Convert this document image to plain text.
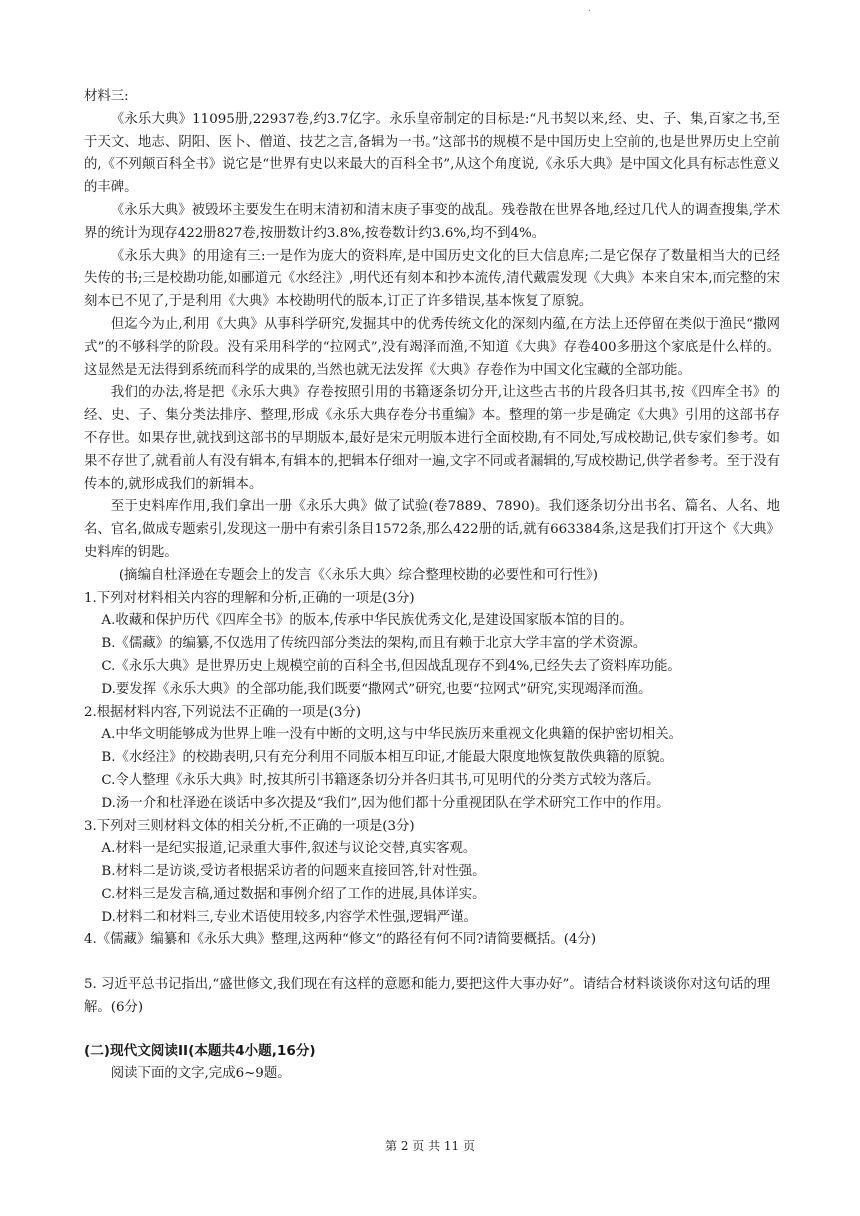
·

材料三:

《永乐大典》11095册,22937卷,约3.7亿字。永乐皇帝制定的目标是:“凡书契以来,经、史、子、集,百家之书,至于天文、地志、阴阳、医卜、僧道、技艺之言,备辑为一书。”这部书的规模不是中国历史上空前的,也是世界历史上空前的,《不列颠百科全书》说它是“世界有史以来最大的百科全书”,从这个角度说,《永乐大典》是中国文化具有标志性意义的丰碑。

《永乐大典》被毁坏主要发生在明末清初和清末庚子事变的战乱。残卷散在世界各地,经过几代人的调查搜集,学术界的统计为现存422册827卷,按册数计约3.8%,按卷数计约3.6%,均不到4%。

《永乐大典》的用途有三:一是作为庞大的资料库,是中国历史文化的巨大信息库;二是它保存了数量相当大的已经失传的书;三是校勘功能,如郦道元《水经注》,明代还有刻本和抄本流传,清代戴震发现《大典》本来自宋本,而完整的宋刻本已不见了,于是利用《大典》本校勘明代的版本,订正了许多错误,基本恢复了原貌。

但迄今为止,利用《大典》从事科学研究,发掘其中的优秀传统文化的深刻内蕴,在方法上还停留在类似于渔民“撒网式”的不够科学的阶段。没有采用科学的“拉网式”,没有竭泽而渔,不知道《大典》存卷400多册这个家底是什么样的。这显然是无法得到系统而科学的成果的,当然也就无法发挥《大典》存卷作为中国文化宝藏的全部功能。

我们的办法,将是把《永乐大典》存卷按照引用的书籍逐条切分开,让这些古书的片段各归其书,按《四库全书》的经、史、子、集分类法排序、整理,形成《永乐大典存卷分书重编》本。整理的第一步是确定《大典》引用的这部书存不存世。如果存世,就找到这部书的早期版本,最好是宋元明版本进行全面校勘,有不同处,写成校勘记,供专家们参考。如果不存世了,就看前人有没有辑本,有辑本的,把辑本仔细对一遍,文字不同或者漏辑的,写成校勘记,供学者参考。至于没有传本的,就形成我们的新辑本。

至于史料库作用,我们拿出一册《永乐大典》做了试验(卷7889、7890)。我们逐条切分出书名、篇名、人名、地名、官名,做成专题索引,发现这一册中有索引条目1572条,那么422册的话,就有663384条,这是我们打开这个《大典》史料库的钥匙。

(摘编自杜泽逊在专题会上的发言《〈永乐大典〉综合整理校勘的必要性和可行性》)

1.下列对材料相关内容的理解和分析,正确的一项是(3分)

A.收藏和保护历代《四库全书》的版本,传承中华民族优秀文化,是建设国家版本馆的目的。

B.《儒藏》的编纂,不仅选用了传统四部分类法的架构,而且有赖于北京大学丰富的学术资源。

C.《永乐大典》是世界历史上规模空前的百科全书,但因战乱现存不到4%,已经失去了资料库功能。

D.要发挥《永乐大典》的全部功能,我们既要“撒网式”研究,也要“拉网式”研究,实现竭泽而渔。

2.根据材料内容,下列说法不正确的一项是(3分)

A.中华文明能够成为世界上唯一没有中断的文明,这与中华民族历来重视文化典籍的保护密切相关。

B.《水经注》的校勘表明,只有充分利用不同版本相互印证,才能最大限度地恢复散佚典籍的原貌。

C.令人整理《永乐大典》时,按其所引书籍逐条切分并各归其书,可见明代的分类方式较为落后。

D.汤一介和杜泽逊在谈话中多次提及“我们”,因为他们都十分重视团队在学术研究工作中的作用。

3.下列对三则材料文体的相关分析,不正确的一项是(3分)

A.材料一是纪实报道,记录重大事件,叙述与议论交替,真实客观。

B.材料二是访谈,受访者根据采访者的问题来直接回答,针对性强。

C.材料三是发言稿,通过数据和事例介绍了工作的进展,具体详实。

D.材料二和材料三,专业术语使用较多,内容学术性强,逻辑严谨。

4.《儒藏》编纂和《永乐大典》整理,这两种“修文”的路径有何不同?请简要概括。(4分)

5. 习近平总书记指出,“盛世修文,我们现在有这样的意愿和能力,要把这件大事办好”。请结合材料谈谈你对这句话的理解。(6分)

(二)现代文阅读II(本题共4小题,16分)

阅读下面的文字,完成6~9题。

第 2 页 共 11 页
